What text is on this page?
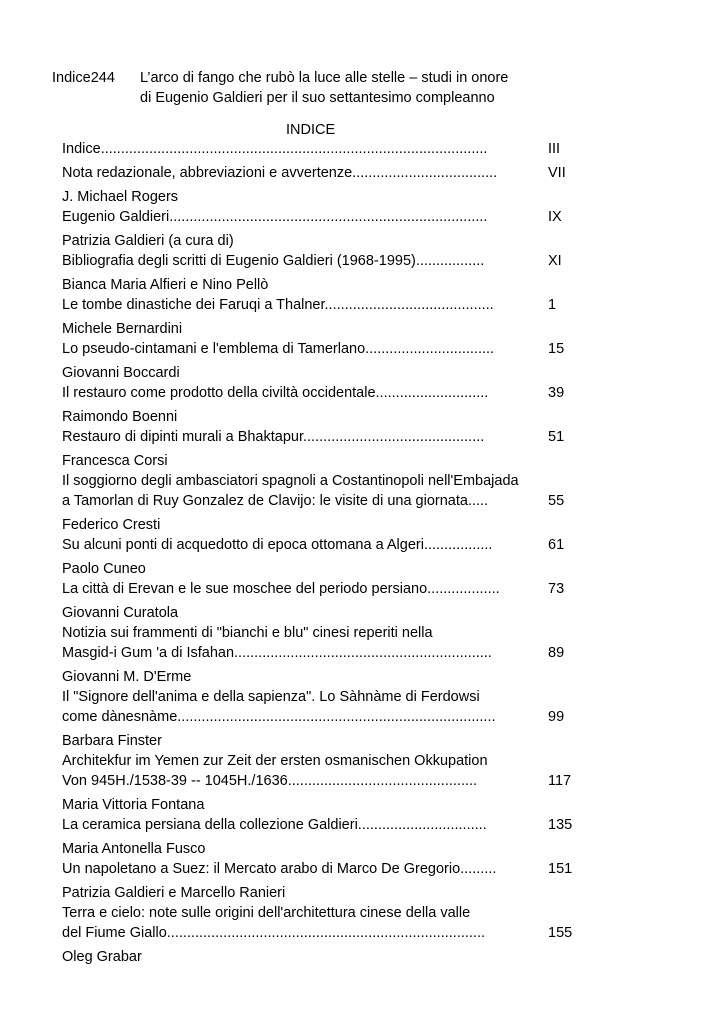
Indice244 L’arco di fango che rubò la luce alle stelle – studi in onore
di Eugenio Galdieri per il suo settantesimo compleanno
INDICE
Indice................................................................................................	III
Nota redazionale, abbreviazioni e avvertenze....................................	VII
J. Michael Rogers
Eugenio Galdieri...............................................................................	IX
Patrizia Galdieri (a cura di)
Bibliografia degli scritti di Eugenio Galdieri (1968-1995).................	XI
Bianca Maria Alfieri e Nino Pellò
Le tombe dinastiche dei Faruqi a Thalner..........................................	1
Michele Bernardini
Lo pseudo-cintamani e l'emblema di Tamerlano................................	15
Giovanni Boccardi
Il restauro come prodotto della civiltà occidentale............................	39
Raimondo Boenni
Restauro di dipinti murali a Bhaktapur.............................................	51
Francesca Corsi
Il soggiorno degli ambasciatori spagnoli a Costantinopoli nell'Embajada
a Tamorlan di Ruy Gonzalez de Clavijo: le visite di una giornata.....	55
Federico Cresti
Su alcuni ponti di acquedotto di epoca ottomana a Algeri.................	61
Paolo Cuneo
La città di Erevan e le sue moschee del periodo persiano..................	73
Giovanni Curatola
Notizia sui frammenti di "bianchi e blu" cinesi reperiti nella
Masgid-i Gum 'a di Isfahan................................................................	89
Giovanni M. D'Erme
Il "Signore dell'anima e della sapienza". Lo Sàhnàme di Ferdowsi
come dànesnàme...............................................................................	99
Barbara Finster
Architekfur im Yemen zur Zeit der ersten osmanischen Okkupation
Von 945H./1538-39 -- 1045H./1636...............................................	117
Maria Vittoria Fontana
La ceramica persiana della collezione Galdieri................................	135
Maria Antonella Fusco
Un napoletano a Suez: il Mercato arabo di Marco De Gregorio.........	151
Patrizia Galdieri e Marcello Ranieri
Terra e cielo: note sulle origini dell'architettura cinese della valle
del Fiume Giallo...............................................................................	155
Oleg Grabar
